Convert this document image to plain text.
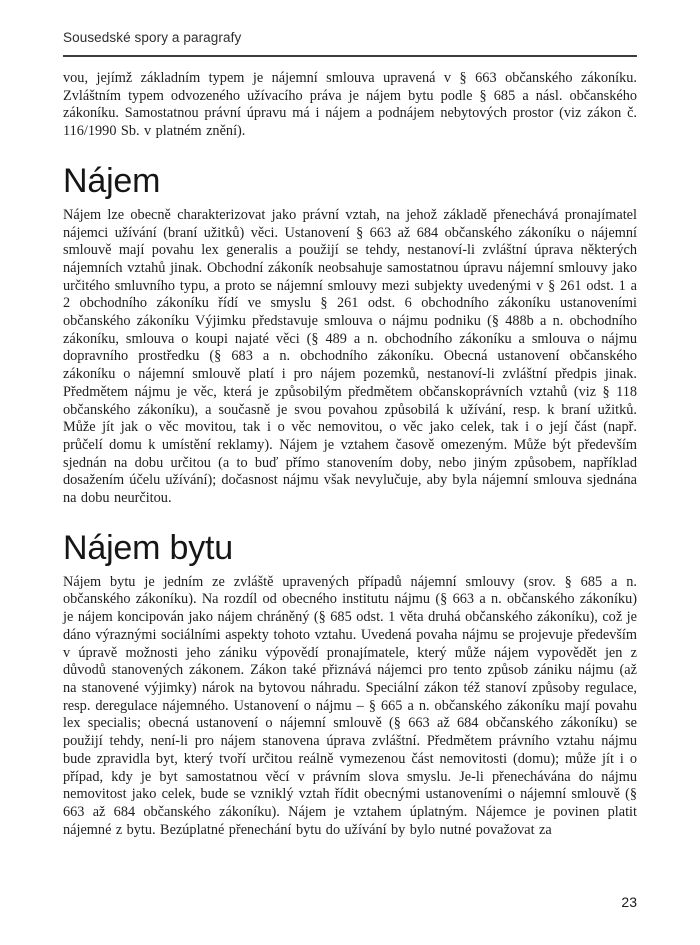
Sousedské spory a paragrafy

vou, jejímž základním typem je nájemní smlouva upravená v § 663 občanského zákoníku. Zvláštním typem odvozeného užívacího práva je nájem bytu podle § 685 a násl. občanského zákoníku. Samostatnou právní úpravu má i nájem a podnájem nebytových prostor (viz zákon č. 116/1990 Sb. v platném znění).

Nájem

Nájem lze obecně charakterizovat jako právní vztah, na jehož základě přenechává pronajímatel nájemci užívání (braní užitků) věci. Ustanovení § 663 až 684 občanského zákoníku o nájemní smlouvě mají povahu lex generalis a použijí se tehdy, nestanoví-li zvláštní úprava některých nájemních vztahů jinak. Obchodní zákoník neobsahuje samostatnou úpravu nájemní smlouvy jako určitého smluvního typu, a proto se nájemní smlouvy mezi subjekty uvedenými v § 261 odst. 1 a 2 obchodního zákoníku řídí ve smyslu § 261 odst. 6 obchodního zákoníku ustanoveními občanského zákoníku Výjimku představuje smlouva o nájmu podniku (§ 488b a n. obchodního zákoníku, smlouva o koupi najaté věci (§ 489 a n. obchodního zákoníku a smlouva o nájmu dopravního prostředku (§ 683 a n. obchodního zákoníku. Obecná ustanovení občanského zákoníku o nájemní smlouvě platí i pro nájem pozemků, nestanoví-li zvláštní předpis jinak. Předmětem nájmu je věc, která je způsobilým předmětem občanskoprávních vztahů (viz § 118 občanského zákoníku), a současně je svou povahou způsobilá k užívání, resp. k braní užitků. Může jít jak o věc movitou, tak i o věc nemovitou, o věc jako celek, tak i o její část (např. průčelí domu k umístění reklamy). Nájem je vztahem časově omezeným. Může být především sjednán na dobu určitou (a to buď přímo stanovením doby, nebo jiným způsobem, například dosažením účelu užívání); dočasnost nájmu však nevylučuje, aby byla nájemní smlouva sjednána na dobu neurčitou.

Nájem bytu

Nájem bytu je jedním ze zvláště upravených případů nájemní smlouvy (srov. § 685 a n. občanského zákoníku). Na rozdíl od obecného institutu nájmu (§ 663 a n. občanského zákoníku) je nájem koncipován jako nájem chráněný (§ 685 odst. 1 věta druhá občanského zákoníku), což je dáno výraznými sociálními aspekty tohoto vztahu. Uvedená povaha nájmu se projevuje především v úpravě možnosti jeho zániku výpovědí pronajímatele, který může nájem vypovědět jen z důvodů stanovených zákonem. Zákon také přiznává nájemci pro tento způsob zániku nájmu (až na stanovené výjimky) nárok na bytovou náhradu. Speciální zákon též stanoví způsoby regulace, resp. deregulace nájemného. Ustanovení o nájmu – § 665 a n. občanského zákoníku mají povahu lex specialis; obecná ustanovení o nájemní smlouvě (§ 663 až 684 občanského zákoníku) se použijí tehdy, není-li pro nájem stanovena úprava zvláštní. Předmětem právního vztahu nájmu bude zpravidla byt, který tvoří určitou reálně vymezenou část nemovitosti (domu); může jít i o případ, kdy je byt samostatnou věcí v právním slova smyslu. Je-li přenechávána do nájmu nemovitost jako celek, bude se vzniklý vztah řídit obecnými ustanoveními o nájemní smlouvě (§ 663 až 684 občanského zákoníku). Nájem je vztahem úplatným. Nájemce je povinen platit nájemné z bytu. Bezúplatné přenechání bytu do užívání by bylo nutné považovat za

23
